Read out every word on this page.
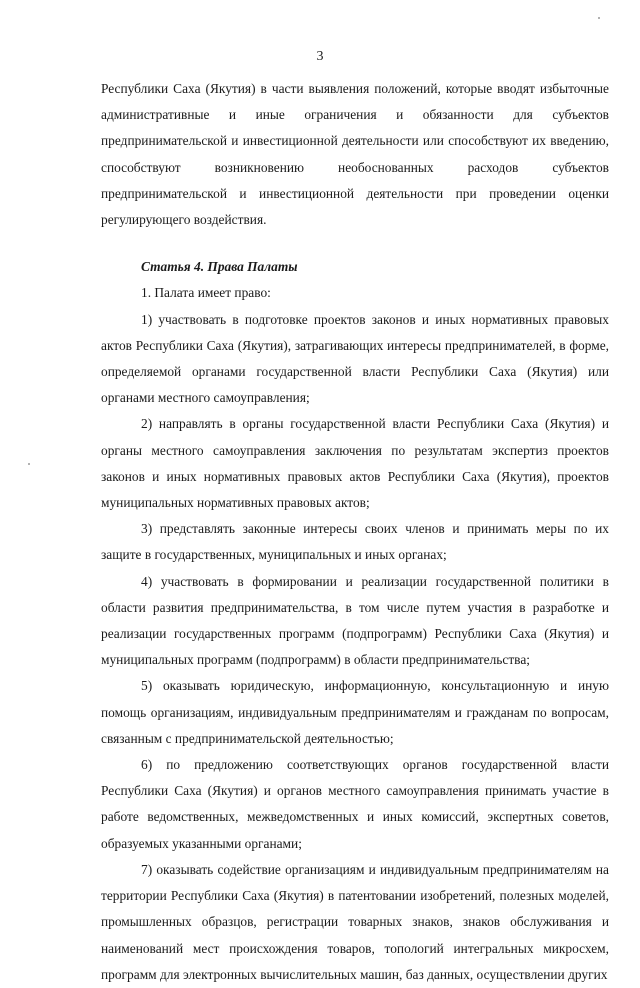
3

Республики Саха (Якутия) в части выявления положений, которые вводят избыточные административные и иные ограничения и обязанности для субъектов предпринимательской и инвестиционной деятельности или способствуют их введению, способствуют возникновению необоснованных расходов субъектов предпринимательской и инвестиционной деятельности при проведении оценки регулирующего воздействия.

Статья 4. Права Палаты

1. Палата имеет право:

1) участвовать в подготовке проектов законов и иных нормативных правовых актов Республики Саха (Якутия), затрагивающих интересы предпринимателей, в форме, определяемой органами государственной власти Республики Саха (Якутия) или органами местного самоуправления;

2) направлять в органы государственной власти Республики Саха (Якутия) и органы местного самоуправления заключения по результатам экспертиз проектов законов и иных нормативных правовых актов Республики Саха (Якутия), проектов муниципальных нормативных правовых актов;

3) представлять законные интересы своих членов и принимать меры по их защите в государственных, муниципальных и иных органах;

4) участвовать в формировании и реализации государственной политики в области развития предпринимательства, в том числе путем участия в разработке и реализации государственных программ (подпрограмм) Республики Саха (Якутия) и муниципальных программ (подпрограмм) в области предпринимательства;

5) оказывать юридическую, информационную, консультационную и иную помощь организациям, индивидуальным предпринимателям и гражданам по вопросам, связанным с предпринимательской деятельностью;

6) по предложению соответствующих органов государственной власти Республики Саха (Якутия) и органов местного самоуправления принимать участие в работе ведомственных, межведомственных и иных комиссий, экспертных советов, образуемых указанными органами;

7) оказывать содействие организациям и индивидуальным предпринимателям на территории Республики Саха (Якутия) в патентовании изобретений, полезных моделей, промышленных образцов, регистрации товарных знаков, знаков обслуживания и наименований мест происхождения товаров, топологий интегральных микросхем, программ для электронных вычислительных машин, баз данных, осуществлении других
